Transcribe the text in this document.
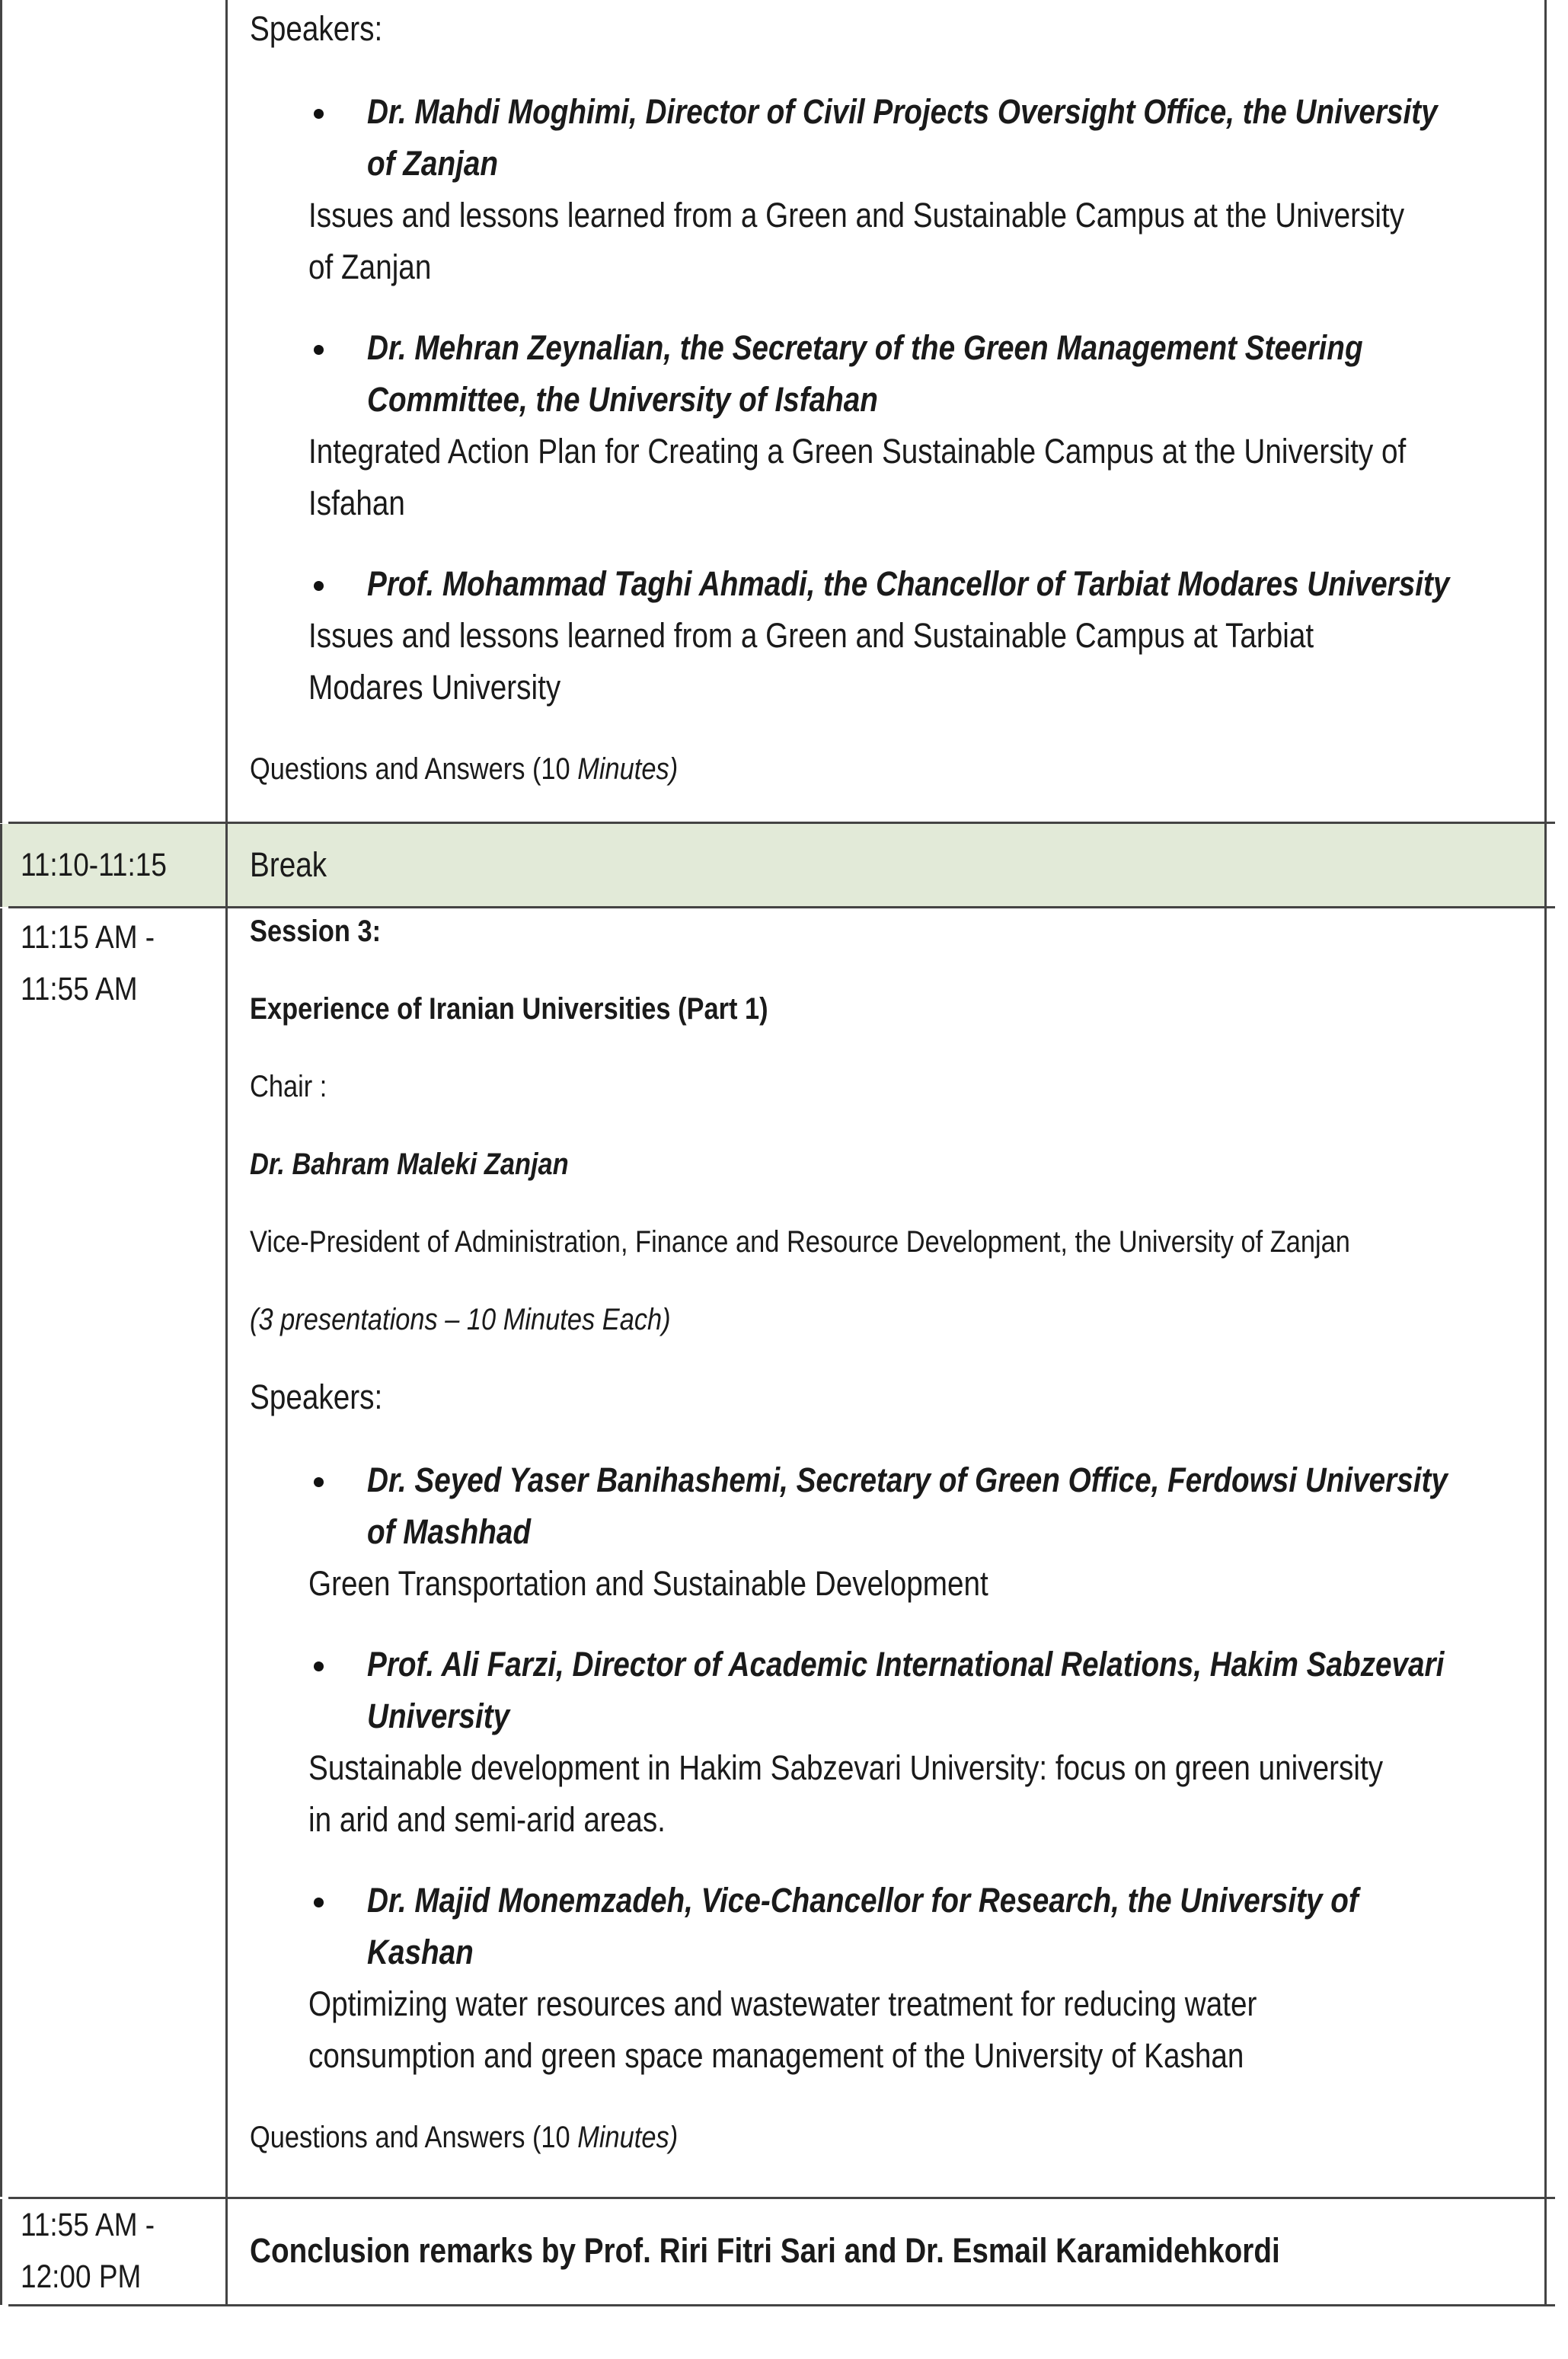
Speakers:
Dr. Mahdi Moghimi, Director of Civil Projects Oversight Office, the University
of Zanjan
Issues and lessons learned from a Green and Sustainable Campus at the University
of Zanjan
Dr. Mehran Zeynalian, the Secretary of the Green Management Steering
Committee, the University of Isfahan
Integrated Action Plan for Creating a Green Sustainable Campus at the University of
Isfahan
Prof. Mohammad Taghi Ahmadi, the Chancellor of Tarbiat Modares University
Issues and lessons learned from a Green and Sustainable Campus at Tarbiat
Modares University
Questions and Answers (10 Minutes)
11:10-11:15 Break
11:15 AM -
11:55 AM
Session 3:
Experience of Iranian Universities (Part 1)
Chair :
Dr. Bahram Maleki Zanjan
Vice-President of Administration, Finance and Resource Development, the University of Zanjan
(3 presentations – 10 Minutes Each)
Speakers:
Dr. Seyed Yaser Banihashemi, Secretary of Green Office, Ferdowsi University
of Mashhad
Green Transportation and Sustainable Development
Prof. Ali Farzi, Director of Academic International Relations, Hakim Sabzevari
University
Sustainable development in Hakim Sabzevari University: focus on green university
in arid and semi-arid areas.
Dr. Majid Monemzadeh, Vice-Chancellor for Research, the University of
Kashan
Optimizing water resources and wastewater treatment for reducing water
consumption and green space management of the University of Kashan
Questions and Answers (10 Minutes)
11:55 AM -
12:00 PM
Conclusion remarks by Prof. Riri Fitri Sari and Dr. Esmail Karamidehkordi
